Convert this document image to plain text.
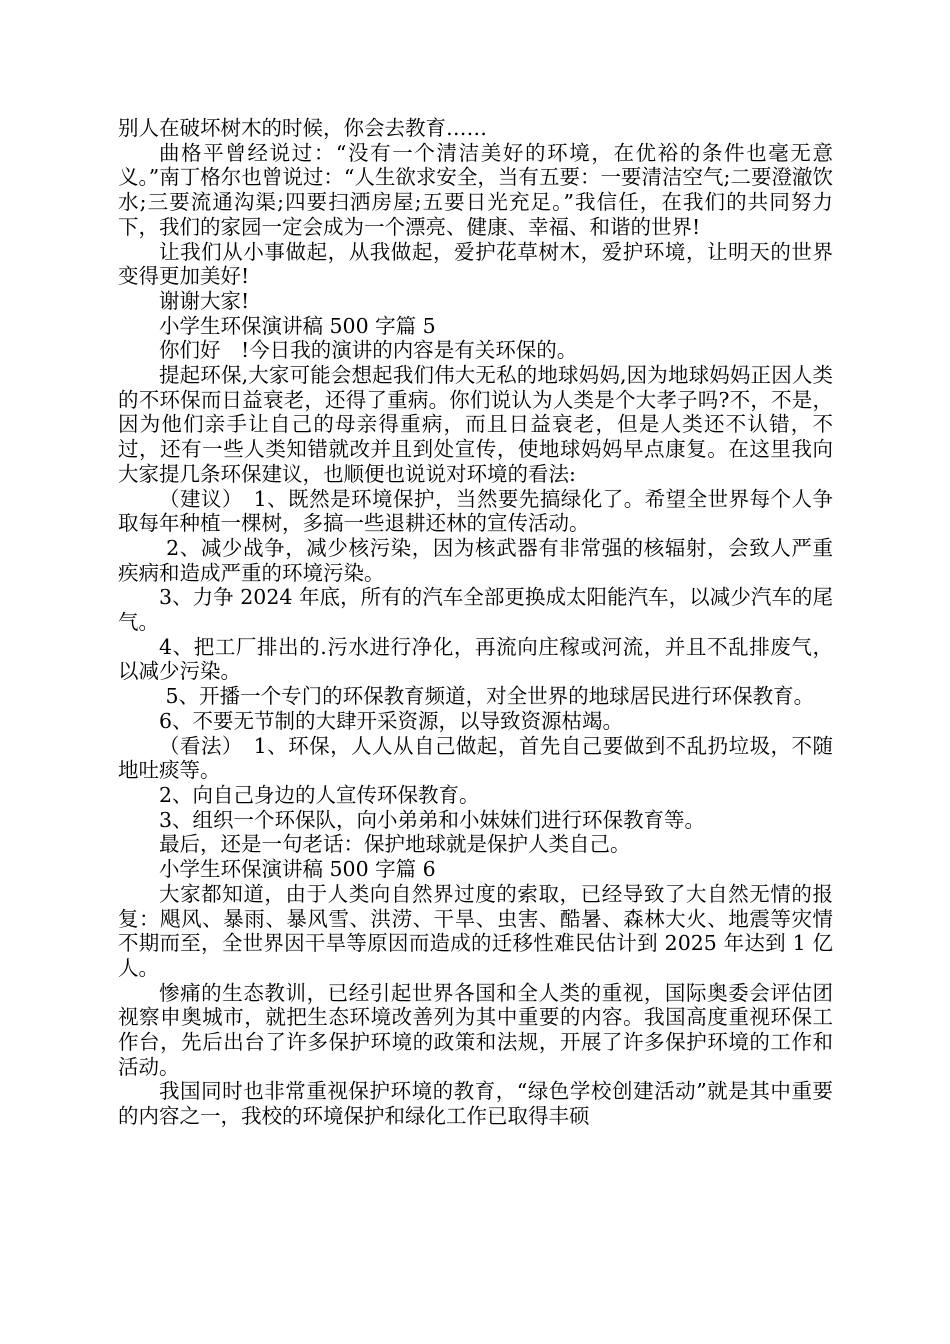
别人在破坏树木的时候，你会去教育……

曲格平曾经说过：“没有一个清洁美好的环境，在优裕的条件也毫无意义。”南丁格尔也曾说过：“人生欲求安全，当有五要：一要清洁空气;二要澄澈饮水;三要流通沟渠;四要扫洒房屋;五要日光充足。”我信任，在我们的共同努力下，我们的家园一定会成为一个漂亮、健康、幸福、和谐的世界!

让我们从小事做起，从我做起，爱护花草树木，爱护环境，让明天的世界变得更加美好!

谢谢大家!

小学生环保演讲稿 500 字篇 5

你们好　!今日我的演讲的内容是有关环保的。

提起环保,大家可能会想起我们伟大无私的地球妈妈,因为地球妈妈正因人类的不环保而日益衰老，还得了重病。你们说认为人类是个大孝子吗?不，不是，因为他们亲手让自己的母亲得重病，而且日益衰老，但是人类还不认错，不过，还有一些人类知错就改并且到处宣传，使地球妈妈早点康复。在这里我向大家提几条环保建议，也顺便也说说对环境的看法:

（建议）　1、既然是环境保护，当然要先搞绿化了。希望全世界每个人争取每年种植一棵树，多搞一些退耕还林的宣传活动。

2、减少战争，减少核污染，因为核武器有非常强的核辐射，会致人严重疾病和造成严重的环境污染。

3、力争 2024 年底，所有的汽车全部更换成太阳能汽车，以减少汽车的尾气。

4、把工厂排出的.污水进行净化，再流向庄稼或河流，并且不乱排废气，以减少污染。

5、开播一个专门的环保教育频道，对全世界的地球居民进行环保教育。

6、不要无节制的大肆开采资源，以导致资源枯竭。

（看法）　1、环保，人人从自己做起，首先自己要做到不乱扔垃圾，不随地吐痰等。

2、向自己身边的人宣传环保教育。

3、组织一个环保队，向小弟弟和小妹妹们进行环保教育等。

最后，还是一句老话：保护地球就是保护人类自己。

小学生环保演讲稿 500 字篇 6

大家都知道，由于人类向自然界过度的索取，已经导致了大自然无情的报复：飓风、暴雨、暴风雪、洪涝、干旱、虫害、酷暑、森林大火、地震等灾情不期而至，全世界因干旱等原因而造成的迁移性难民估计到 2025 年达到 1 亿人。

惨痛的生态教训，已经引起世界各国和全人类的重视，国际奥委会评估团视察申奥城市，就把生态环境改善列为其中重要的内容。我国高度重视环保工作台，先后出台了许多保护环境的政策和法规，开展了许多保护环境的工作和活动。

我国同时也非常重视保护环境的教育，“绿色学校创建活动”就是其中重要的内容之一，我校的环境保护和绿化工作已取得丰硕
